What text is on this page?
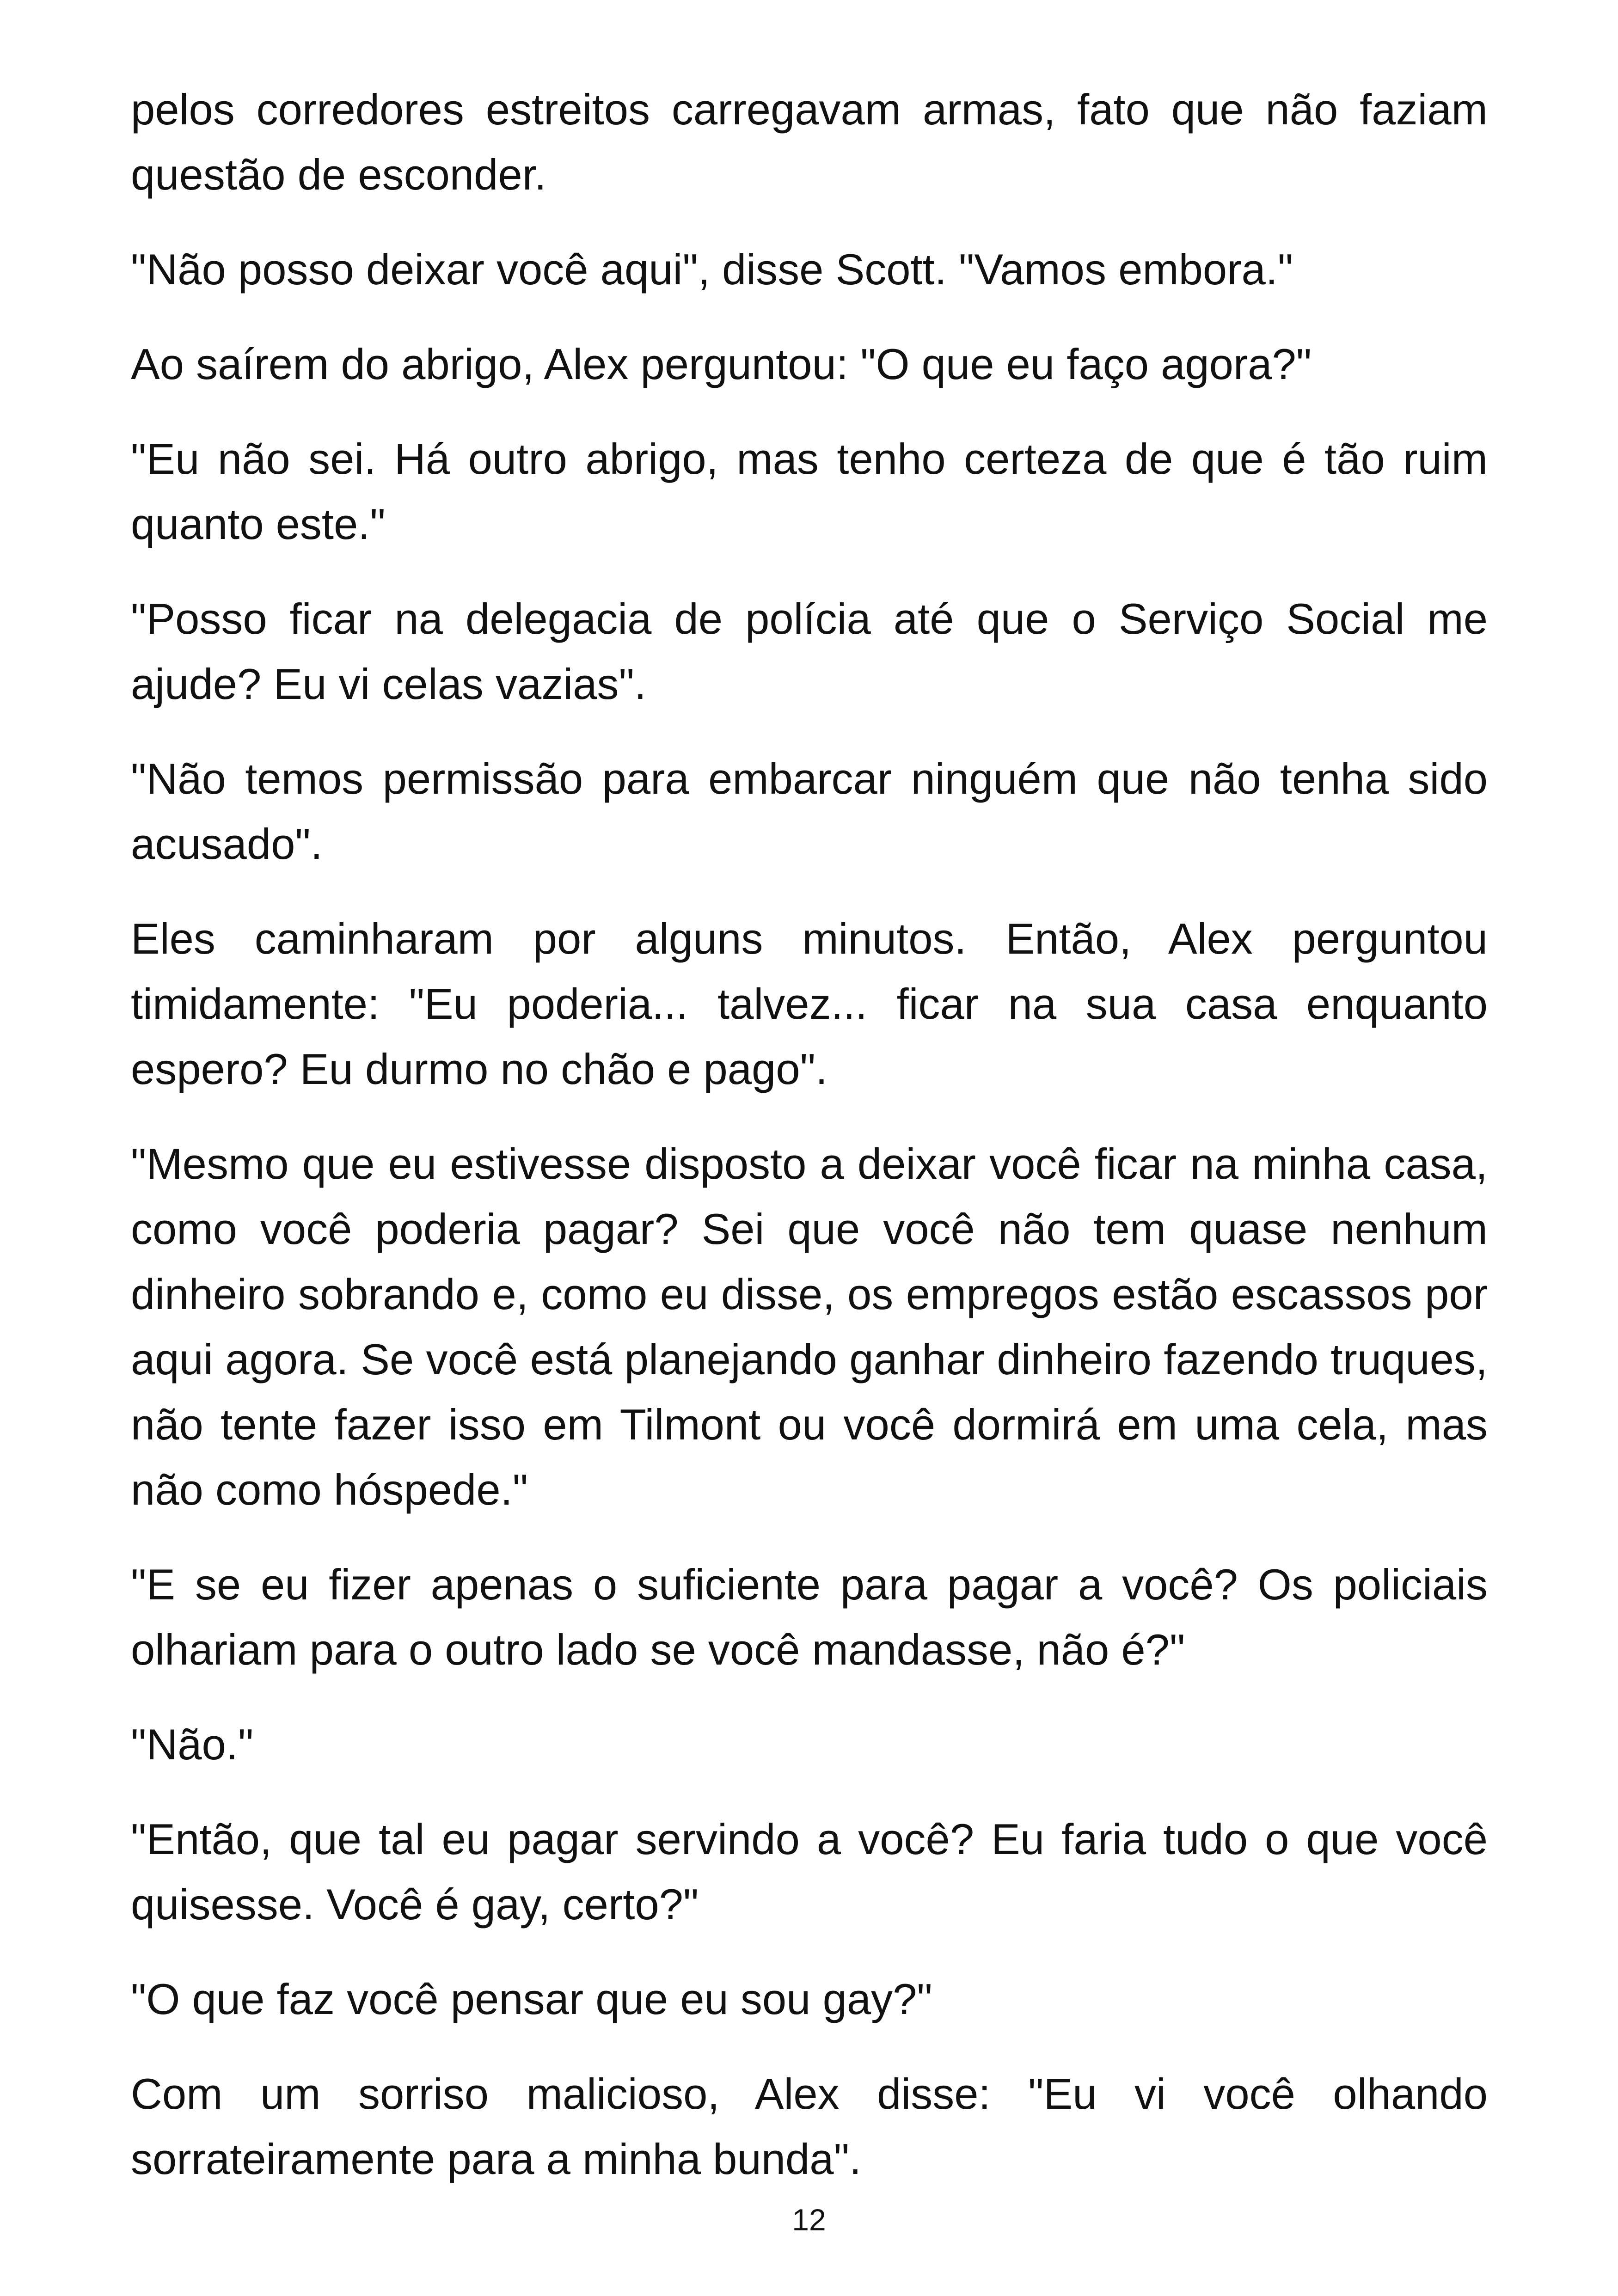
pelos corredores estreitos carregavam armas, fato que não faziam questão de esconder.

"Não posso deixar você aqui", disse Scott. "Vamos embora."

Ao saírem do abrigo, Alex perguntou: "O que eu faço agora?"

"Eu não sei. Há outro abrigo, mas tenho certeza de que é tão ruim quanto este."

"Posso ficar na delegacia de polícia até que o Serviço Social me ajude? Eu vi celas vazias".

"Não temos permissão para embarcar ninguém que não tenha sido acusado".

Eles caminharam por alguns minutos. Então, Alex perguntou timidamente: "Eu poderia... talvez... ficar na sua casa enquanto espero? Eu durmo no chão e pago".

"Mesmo que eu estivesse disposto a deixar você ficar na minha casa, como você poderia pagar? Sei que você não tem quase nenhum dinheiro sobrando e, como eu disse, os empregos estão escassos por aqui agora. Se você está planejando ganhar dinheiro fazendo truques, não tente fazer isso em Tilmont ou você dormirá em uma cela, mas não como hóspede."

"E se eu fizer apenas o suficiente para pagar a você? Os policiais olhariam para o outro lado se você mandasse, não é?"

"Não."

"Então, que tal eu pagar servindo a você? Eu faria tudo o que você quisesse. Você é gay, certo?"

"O que faz você pensar que eu sou gay?"

Com um sorriso malicioso, Alex disse: "Eu vi você olhando sorrateiramente para a minha bunda".

12
